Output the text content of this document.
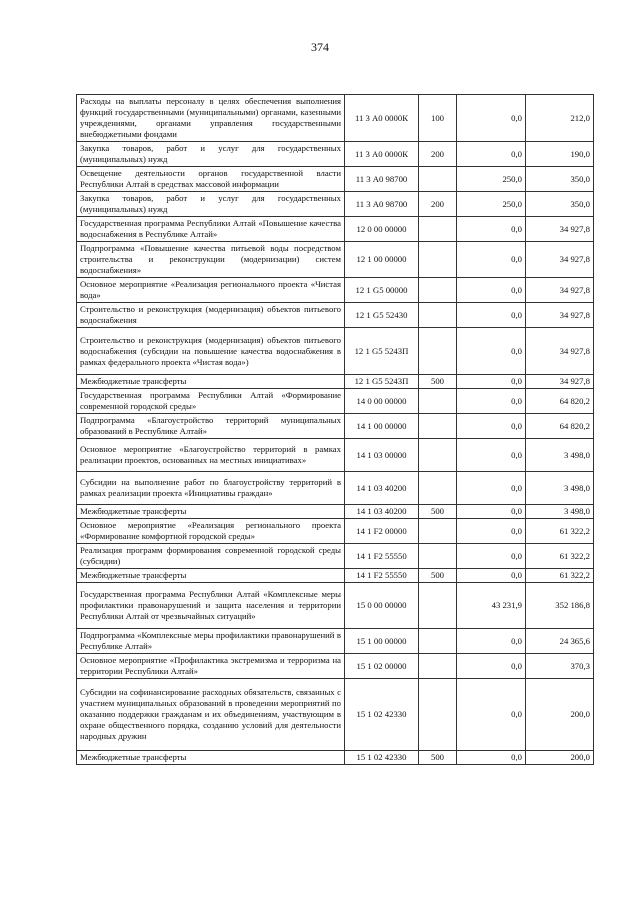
374
Расходы на выплаты персоналу в целях обеспечения выполнения функций государственными (муниципальными) органами, казенными учреждениями, органами управления государственными внебюджетными фондами	11 3 А0 0000К	100	0,0	212,0
Закупка товаров, работ и услуг для государственных (муниципальных) нужд	11 3 А0 0000К	200	0,0	190,0
Освещение деятельности органов государственной власти Республики Алтай в средствах массовой информации	11 3 А0 98700		250,0	350,0
Закупка товаров, работ и услуг для государственных (муниципальных) нужд	11 3 А0 98700	200	250,0	350,0
Государственная программа Республики Алтай «Повышение качества водоснабжения в Республике Алтай»	12 0 00 00000		0,0	34 927,8
Подпрограмма «Повышение качества питьевой воды посредством строительства и реконструкции (модернизации) систем водоснабжения»	12 1 00 00000		0,0	34 927,8
Основное мероприятие «Реализация регионального проекта «Чистая вода»	12 1 G5 00000		0,0	34 927,8
Строительство и реконструкция (модернизация) объектов питьевого водоснабжения	12 1 G5 52430		0,0	34 927,8
Строительство и реконструкция (модернизация) объектов питьевого водоснабжения (субсидии на повышение качества водоснабжения в рамках федерального проекта «Чистая вода»)	12 1 G5 5243П		0,0	34 927,8
Межбюджетные трансферты	12 1 G5 5243П	500	0,0	34 927,8
Государственная программа Республики Алтай «Формирование современной городской среды»	14 0 00 00000		0,0	64 820,2
Подпрограмма «Благоустройство территорий муниципальных образований в Республике Алтай»	14 1 00 00000		0,0	64 820,2
Основное мероприятие «Благоустройство территорий в рамках реализации проектов, основанных на местных инициативах»	14 1 03 00000		0,0	3 498,0
Субсидии на выполнение работ по благоустройству территорий в рамках реализации проекта «Инициативы граждан»	14 1 03 40200		0,0	3 498,0
Межбюджетные трансферты	14 1 03 40200	500	0,0	3 498,0
Основное мероприятие «Реализация регионального проекта «Формирование комфортной городской среды»	14 1 F2 00000		0,0	61 322,2
Реализация программ формирования современной городской среды (субсидии)	14 1 F2 55550		0,0	61 322,2
Межбюджетные трансферты	14 1 F2 55550	500	0,0	61 322,2
Государственная программа Республики Алтай «Комплексные меры профилактики правонарушений и защита населения и территории Республики Алтай от чрезвычайных ситуаций»	15 0 00 00000		43 231,9	352 186,8
Подпрограмма «Комплексные меры профилактики правонарушений в Республике Алтай»	15 1 00 00000		0,0	24 365,6
Основное мероприятие «Профилактика экстремизма и терроризма на территории Республики Алтай»	15 1 02 00000		0,0	370,3
Субсидии на софинансирование расходных обязательств, связанных с участием муниципальных образований в проведении мероприятий по оказанию поддержки гражданам и их объединениям, участвующим в охране общественного порядка, созданию условий для деятельности народных дружин	15 1 02 42330		0,0	200,0
Межбюджетные трансферты	15 1 02 42330	500	0,0	200,0
